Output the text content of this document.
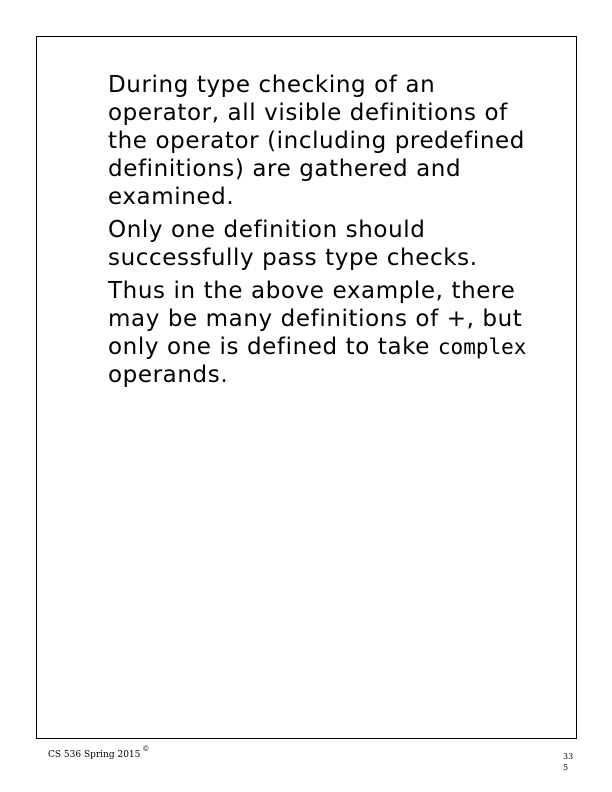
During type checking of an operator, all visible definitions of the operator (including predefined definitions) are gathered and examined.

Only one definition should successfully pass type checks.

Thus in the above example, there may be many definitions of +, but only one is defined to take complex operands.

CS 536 Spring 2015©
33
5
